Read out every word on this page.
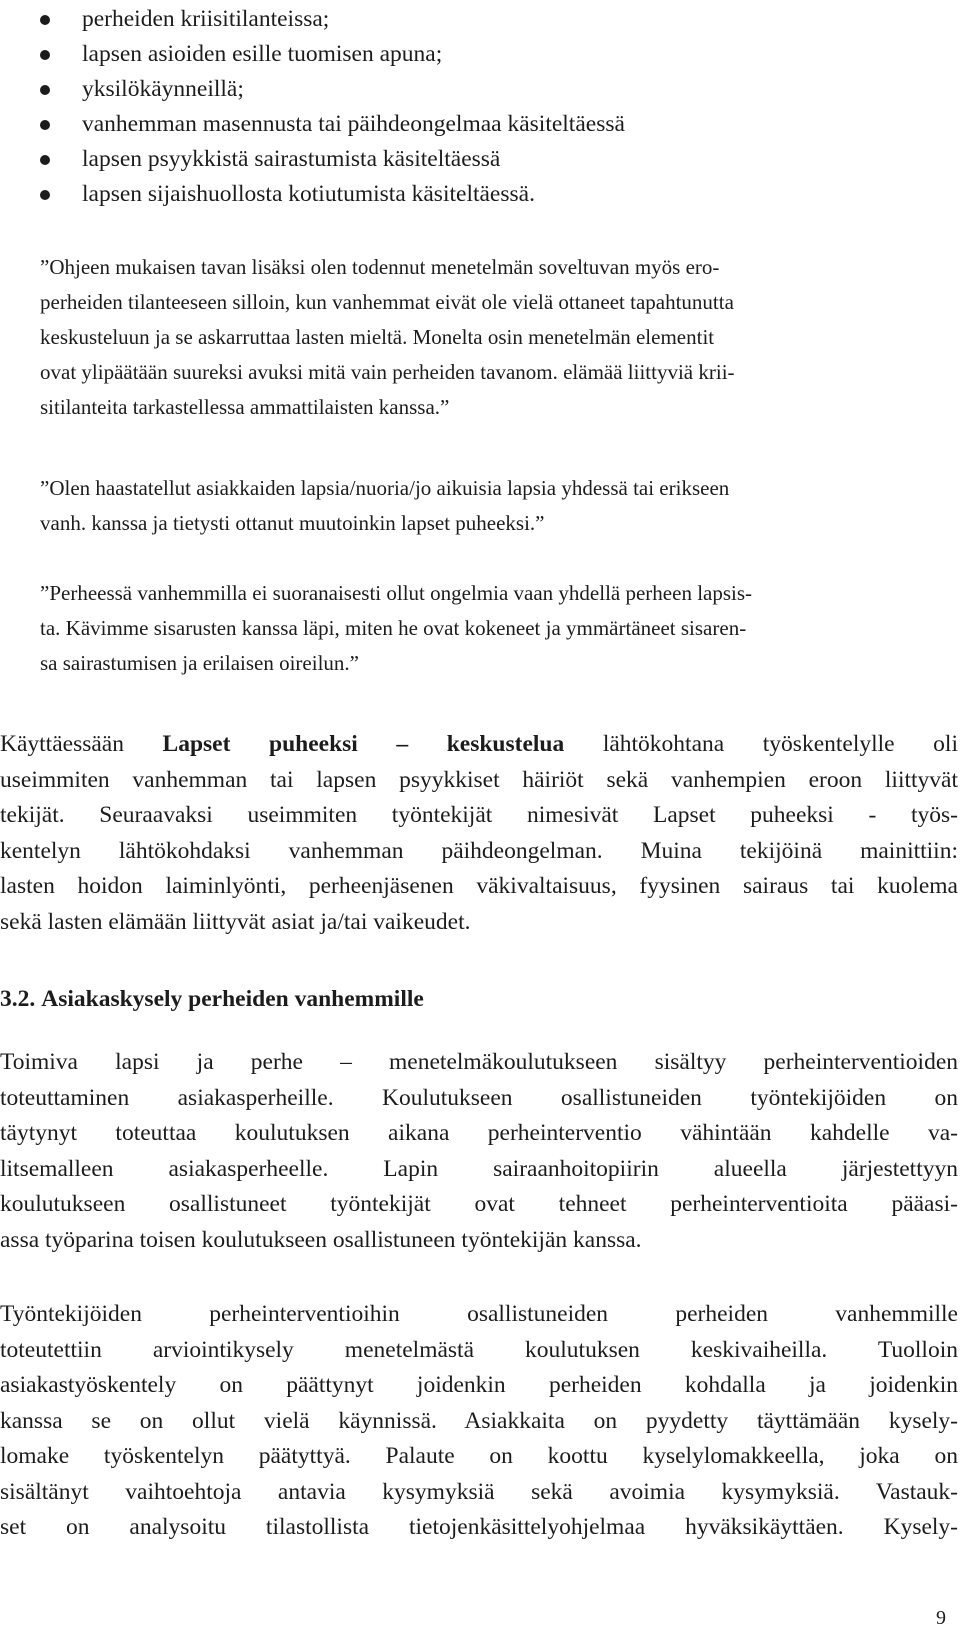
perheiden kriisitilanteissa;
lapsen asioiden esille tuomisen apuna;
yksilökäynneillä;
vanhemman masennusta tai päihdeongelmaa käsiteltäessä
lapsen psyykkistä sairastumista käsiteltäessä
lapsen sijaishuollosta kotiutumista käsiteltäessä.
”Ohjeen mukaisen tavan lisäksi olen todennut menetelmän soveltuvan myös ero-
perheiden tilanteeseen silloin, kun vanhemmat eivät ole vielä ottaneet tapahtunutta
keskusteluun ja se askarruttaa lasten mieltä. Monelta osin menetelmän elementit
ovat ylipäätään suureksi avuksi mitä vain perheiden tavanom. elämää liittyviä krii-
sitilanteita tarkastellessa ammattilaisten kanssa.”
”Olen haastatellut asiakkaiden lapsia/nuoria/jo aikuisia lapsia yhdessä tai erikseen
vanh. kanssa ja tietysti ottanut muutoinkin lapset puheeksi.”
”Perheessä vanhemmilla ei suoranaisesti ollut ongelmia vaan yhdellä perheen lapsis-
ta. Kävimme sisarusten kanssa läpi, miten he ovat kokeneet ja ymmärtäneet sisaren-
sa sairastumisen ja erilaisen oireilun.”
Käyttäessään Lapset puheeksi – keskustelua lähtökohtana työskentelylle oli
useimmiten vanhemman tai lapsen psyykkiset häiriöt sekä vanhempien eroon liittyvät
tekijät. Seuraavaksi useimmiten työntekijät nimesivät Lapset puheeksi - työs-
kentelyn lähtökohdaksi vanhemman päihdeongelman. Muina tekijöinä mainittiin:
lasten hoidon laiminlyönti, perheenjäsenen väkivaltaisuus, fyysinen sairaus tai kuolema
sekä lasten elämään liittyvät asiat ja/tai vaikeudet.
3.2. Asiakaskysely perheiden vanhemmille
Toimiva lapsi ja perhe – menetelmäkoulutukseen sisältyy perheinterventioiden
toteuttaminen asiakasperheille. Koulutukseen osallistuneiden työntekijöiden on
täytynyt toteuttaa koulutuksen aikana perheinterventio vähintään kahdelle va-
litsemalleen asiakasperheelle. Lapin sairaanhoitopiirin alueella järjestettyyn
koulutukseen osallistuneet työntekijät ovat tehneet perheinterventioita pääasi-
assa työparina toisen koulutukseen osallistuneen työntekijän kanssa.
Työntekijöiden perheinterventioihin osallistuneiden perheiden vanhemmille
toteutettiin arviointikysely menetelmästä koulutuksen keskivaiheilla. Tuolloin
asiakastyöskentely on päättynyt joidenkin perheiden kohdalla ja joidenkin
kanssa se on ollut vielä käynnissä. Asiakkaita on pyydetty täyttämään kysely-
lomake työskentelyn päätyttyä. Palaute on koottu kyselylomakkeella, joka on
sisältänyt vaihtoehtoja antavia kysymyksiä sekä avoimia kysymyksiä. Vastauk-
set on analysoitu tilastollista tietojenkäsittelyohjelmaa hyväksikäyttäen. Kysely-
9
